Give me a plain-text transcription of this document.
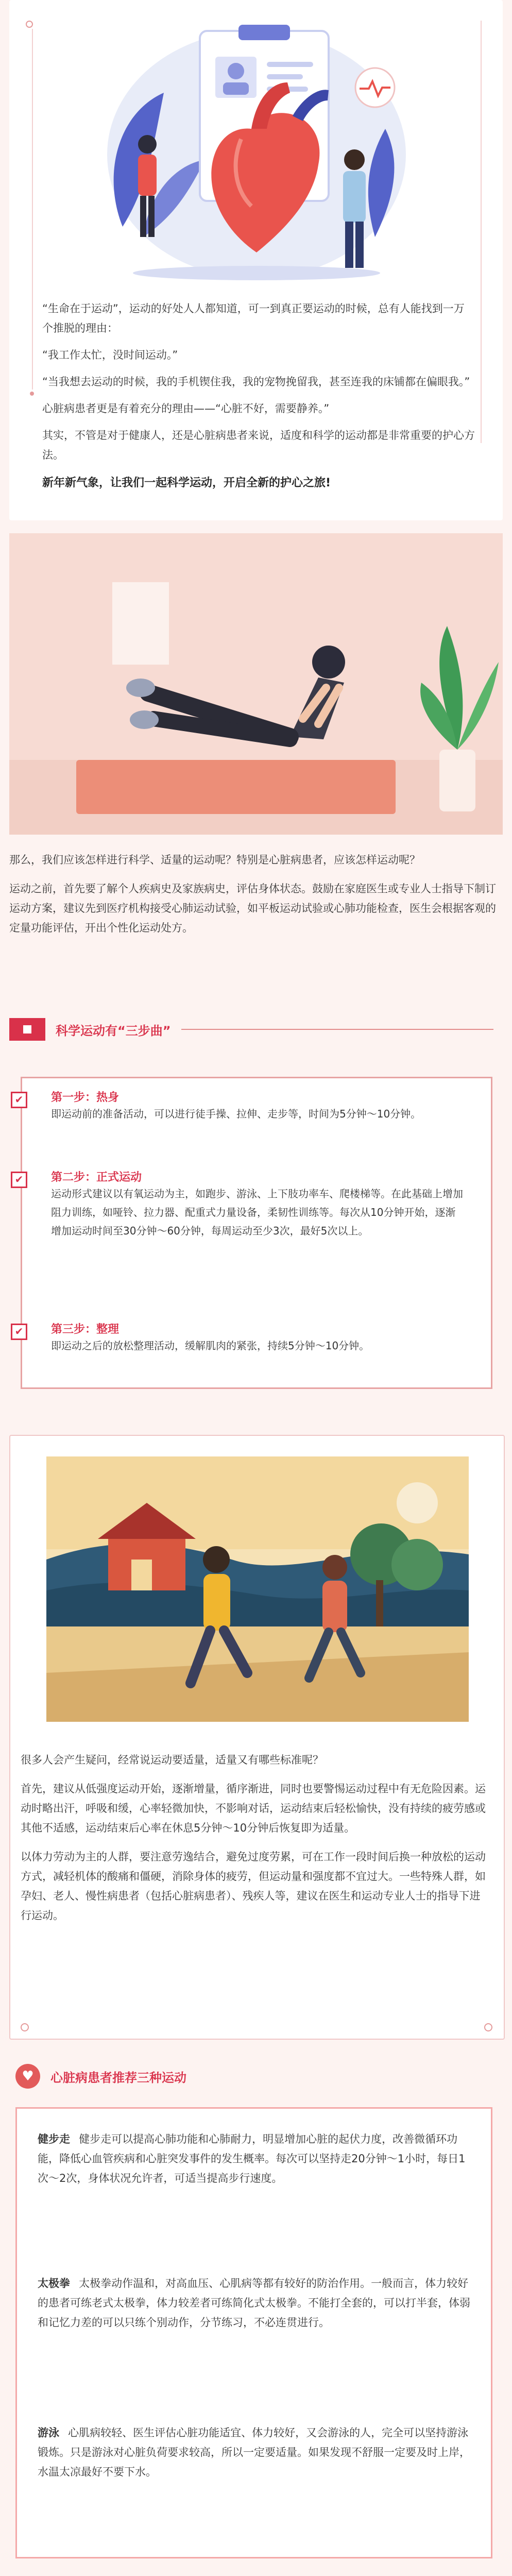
“生命在于运动”，运动的好处人人都知道，可一到真正要运动的时候，总有人能找到一万个推脱的理由：

“我工作太忙，没时间运动。”

“当我想去运动的时候，我的手机锲住我，我的宠物挽留我，甚至连我的床铺都在偏眼我。”

心脏病患者更是有着充分的理由——“心脏不好，需要静养。”

其实，不管是对于健康人，还是心脏病患者来说，适度和科学的运动都是非常重要的护心方法。

新年新气象，让我们一起科学运动，开启全新的护心之旅!

那么，我们应该怎样进行科学、适量的运动呢？特别是心脏病患者，应该怎样运动呢？

运动之前，首先要了解个人疾病史及家族病史，评估身体状态。鼓励在家庭医生或专业人士指导下制订运动方案，建议先到医疗机构接受心肺运动试验，如平板运动试验或心肺功能检查，医生会根据客观的定量功能评估，开出个性化运动处方。

科学运动有“三步曲”
✔	第一步：热身
即运动前的准备活动，可以进行徒手操、拉伸、走步等，时间为5分钟～10分钟。
✔	第二步：正式运动
运动形式建议以有氧运动为主，如跑步、游泳、上下肢功率车、爬楼梯等。在此基础上增加阻力训练，如哑铃、拉力器、配重式力量设备，柔韧性训练等。每次从10分钟开始，逐渐增加运动时间至30分钟～60分钟，每周运动至少3次，最好5次以上。
✔	第三步：整理
即运动之后的放松整理活动，缓解肌肉的紧张，持续5分钟～10分钟。

很多人会产生疑问，经常说运动要适量，适量又有哪些标准呢？

首先，建议从低强度运动开始，逐渐增量，循序渐进，同时也要警惕运动过程中有无危险因素。运动时略出汗，呼吸和缓，心率轻微加快，不影响对话，运动结束后轻松愉快，没有持续的疲劳感或其他不适感，运动结束后心率在休息5分钟～10分钟后恢复即为适量。

以体力劳动为主的人群，要注意劳逸结合，避免过度劳累，可在工作一段时间后换一种放松的运动方式，减轻机体的酸痛和僵硬，消除身体的疲劳，但运动量和强度都不宜过大。一些特殊人群，如孕妇、老人、慢性病患者（包括心脏病患者）、残疾人等，建议在医生和运动专业人士的指导下进行运动。

♥	心脏病患者推荐三种运动
健步走 健步走可以提高心肺功能和心肺耐力，明显增加心脏的起伏力度，改善微循环功能，降低心血管疾病和心脏突发事件的发生概率。每次可以坚持走20分钟～1小时，每日1次～2次，身体状况允许者，可适当提高步行速度。
太极拳 太极拳动作温和，对高血压、心肌病等都有较好的防治作用。一般而言，体力较好的患者可练老式太极拳，体力较差者可练简化式太极拳。不能打全套的，可以打半套，体弱和记忆力差的可以只练个别动作，分节练习，不必连贯进行。
游泳 心肌病较轻、医生评估心脏功能适宜、体力较好，又会游泳的人，完全可以坚持游泳锻炼。只是游泳对心脏负荷要求较高，所以一定要适量。如果发现不舒服一定要及时上岸，水温太凉最好不要下水。
